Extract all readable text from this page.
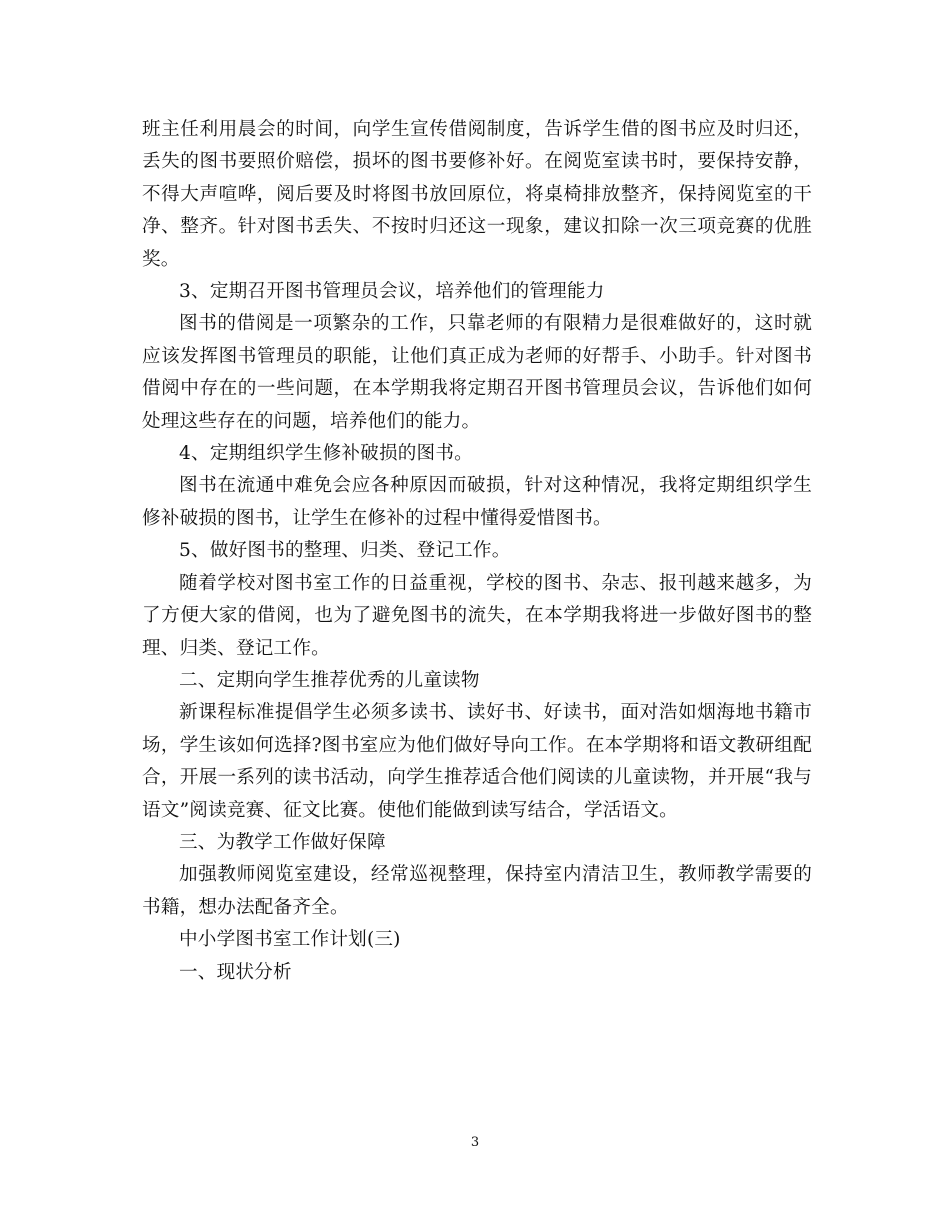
班主任利用晨会的时间，向学生宣传借阅制度，告诉学生借的图书应及时归还，丢失的图书要照价赔偿，损坏的图书要修补好。在阅览室读书时，要保持安静，不得大声喧哗，阅后要及时将图书放回原位，将桌椅排放整齐，保持阅览室的干净、整齐。针对图书丢失、不按时归还这一现象，建议扣除一次三项竞赛的优胜奖。

3、定期召开图书管理员会议，培养他们的管理能力

图书的借阅是一项繁杂的工作，只靠老师的有限精力是很难做好的，这时就应该发挥图书管理员的职能，让他们真正成为老师的好帮手、小助手。针对图书借阅中存在的一些问题，在本学期我将定期召开图书管理员会议，告诉他们如何处理这些存在的问题，培养他们的能力。

4、定期组织学生修补破损的图书。

图书在流通中难免会应各种原因而破损，针对这种情况，我将定期组织学生修补破损的图书，让学生在修补的过程中懂得爱惜图书。

5、做好图书的整理、归类、登记工作。

随着学校对图书室工作的日益重视，学校的图书、杂志、报刊越来越多，为了方便大家的借阅，也为了避免图书的流失，在本学期我将进一步做好图书的整理、归类、登记工作。

二、定期向学生推荐优秀的儿童读物

新课程标准提倡学生必须多读书、读好书、好读书，面对浩如烟海地书籍市场，学生该如何选择?图书室应为他们做好导向工作。在本学期将和语文教研组配合，开展一系列的读书活动，向学生推荐适合他们阅读的儿童读物，并开展“我与语文”阅读竞赛、征文比赛。使他们能做到读写结合，学活语文。

三、为教学工作做好保障

加强教师阅览室建设，经常巡视整理，保持室内清洁卫生，教师教学需要的书籍，想办法配备齐全。

中小学图书室工作计划(三)

一、现状分析

3
